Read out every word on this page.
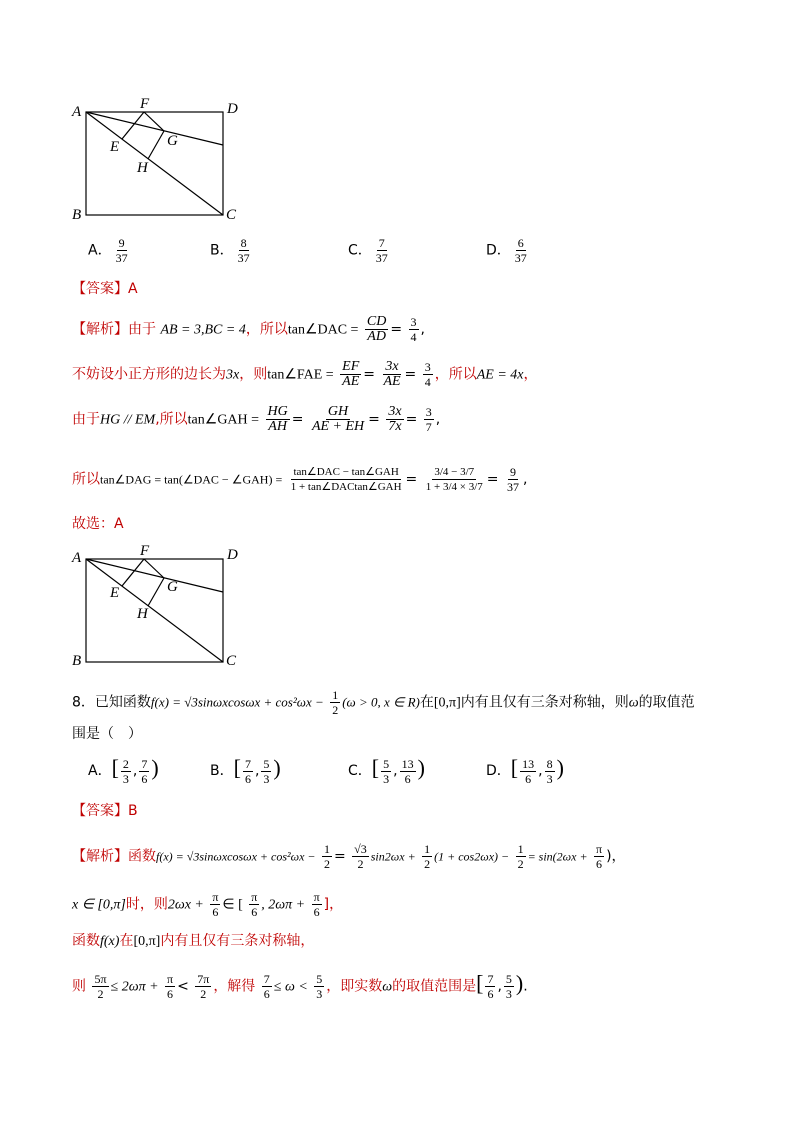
A	F	D
E	G
H
B	C
A． $\frac{9}{37}$	B． $\frac{8}{37}$	C． $\frac{7}{37}$	D． $\frac{6}{37}$
【答案】A
【解析】由于 AB = 3,BC = 4，所以tan∠DAC = $\frac{CD}{AD} = \frac{3}{4}$ ,
不妨设小正方形的边长为3x，则tan∠FAE = $\frac{EF}{AE} = \frac{3x}{AE} = \frac{3}{4}$ ，所以AE = 4x，
由于HG // EM,所以tan∠GAH = $\frac{HG}{AH} = \frac{GH}{AE + EH} = \frac{3x}{7x} = \frac{3}{7}$ ,
所以tan∠DAG = tan(∠DAC − ∠GAH) = $\frac{\text{tan∠DAC − tan∠GAH}}{\text{1 + tan∠DACtan∠GAH}} = \frac{3/4 - 3/7}{1 + 3/4 \times 3/7} = \frac{9}{37}$ ,
故选：A
A	F	D
E	G
H
B	C
8．已知函数$f(x) = √3\sin\omega xcos\omega x + \cos^2\omega x - \frac{1}{2} (\omega > 0$, x ∈ R)在[0,π]内有且仅有三条对称轴，则ω的取值范
围是（　）
A．[ $\frac{2}{3}$ , $\frac{7}{6}$ )	B．[ $\frac{7}{6}$ , $\frac{5}{3}$ )	C．[ $\frac{5}{3}$ , $\frac{13}{6}$ )	D．[ $\frac{13}{6}$ , $\frac{8}{3}$ )
【答案】B
【解析】函数$f(x) = √3\sin\omega xcos\omega x + \cos^2\omega x - \frac{1}{2} = \frac{√3}{2} \sin 2\omega x + \frac{1}{2} (1 + \cos 2\omega x) - \frac{1}{2} = \sin(2\omega x + \frac{\pi}{6}$ )，
x ∈ [0,π]时，则$2\omega x + \frac{\pi}{6}$ ∈ [ $\frac{\pi}{6}$ , $2\omega\pi + \frac{\pi}{6}$ ]，
函数f(x)在[0,π]内有且仅有三条对称轴，
则 $\frac{5\pi}{2} \le 2\omega\pi + \frac{\pi}{6} < \frac{7\pi}{2}$ ，解得 $\frac{7}{6} \le \omega < \frac{5}{3}$ ，即实数ω的取值范围是[ $\frac{7}{6}$ , $\frac{5}{3}$ ).
